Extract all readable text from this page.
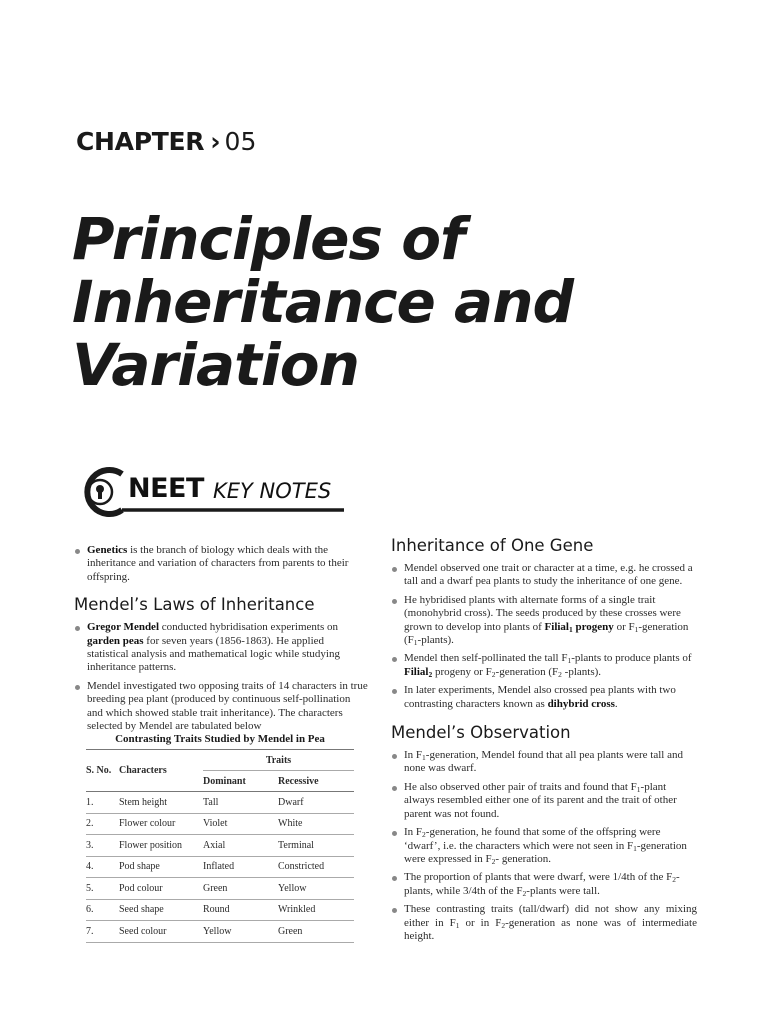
CHAPTER › 05
Principles of
Inheritance and
Variation
NEET KEY NOTES
Genetics is the branch of biology which deals with the inheritance and variation of characters from parents to their offspring.
Mendel’s Laws of Inheritance
Gregor Mendel conducted hybridisation experiments on garden peas for seven years (1856-1863). He applied statistical analysis and mathematical logic while studying inheritance patterns.
Mendel investigated two opposing traits of 14 characters in true breeding pea plant (produced by continuous self-pollination and which showed stable trait inheritance). The characters selected by Mendel are tabulated below
Contrasting Traits Studied by Mendel in Pea
S. No.	Characters	Traits	
		Dominant	Recessive
1.	Stem height	Tall	Dwarf
2.	Flower colour	Violet	White
3.	Flower position	Axial	Terminal
4.	Pod shape	Inflated	Constricted
5.	Pod colour	Green	Yellow
6.	Seed shape	Round	Wrinkled
7.	Seed colour	Yellow	Green
Inheritance of One Gene
Mendel observed one trait or character at a time, e.g. he crossed a tall and a dwarf pea plants to study the inheritance of one gene.
He hybridised plants with alternate forms of a single trait (monohybrid cross). The seeds produced by these crosses were grown to develop into plants of Filial$_1$ progeny or $F_1$-generation $(F_1-plants)$.
Mendel then self-pollinated the tall $F_1$-plants to produce plants of Filial$_2$ progeny or $F_2$-generation ($F_2$ -plants).
In later experiments, Mendel also crossed pea plants with two contrasting characters known as dihybrid cross.
Mendel’s Observation
In $F_1$-generation, Mendel found that all pea plants were tall and none was dwarf.
He also observed other pair of traits and found that $F_1$-plant always resembled either one of its parent and the trait of other parent was not found.
In $F_2$-generation, he found that some of the offspring were ‘dwarf’, i.e. the characters which were not seen in $F_1$-generation were expressed in $F_2-$ generation.
The proportion of plants that were dwarf, were 1/4th of the $F_2$-plants, while 3/4th of the $F_2$-plants were tall.
These contrasting traits (tall/dwarf) did not show any mixing either in $F_1$ or in $F_2$-generation as none was of intermediate height.
